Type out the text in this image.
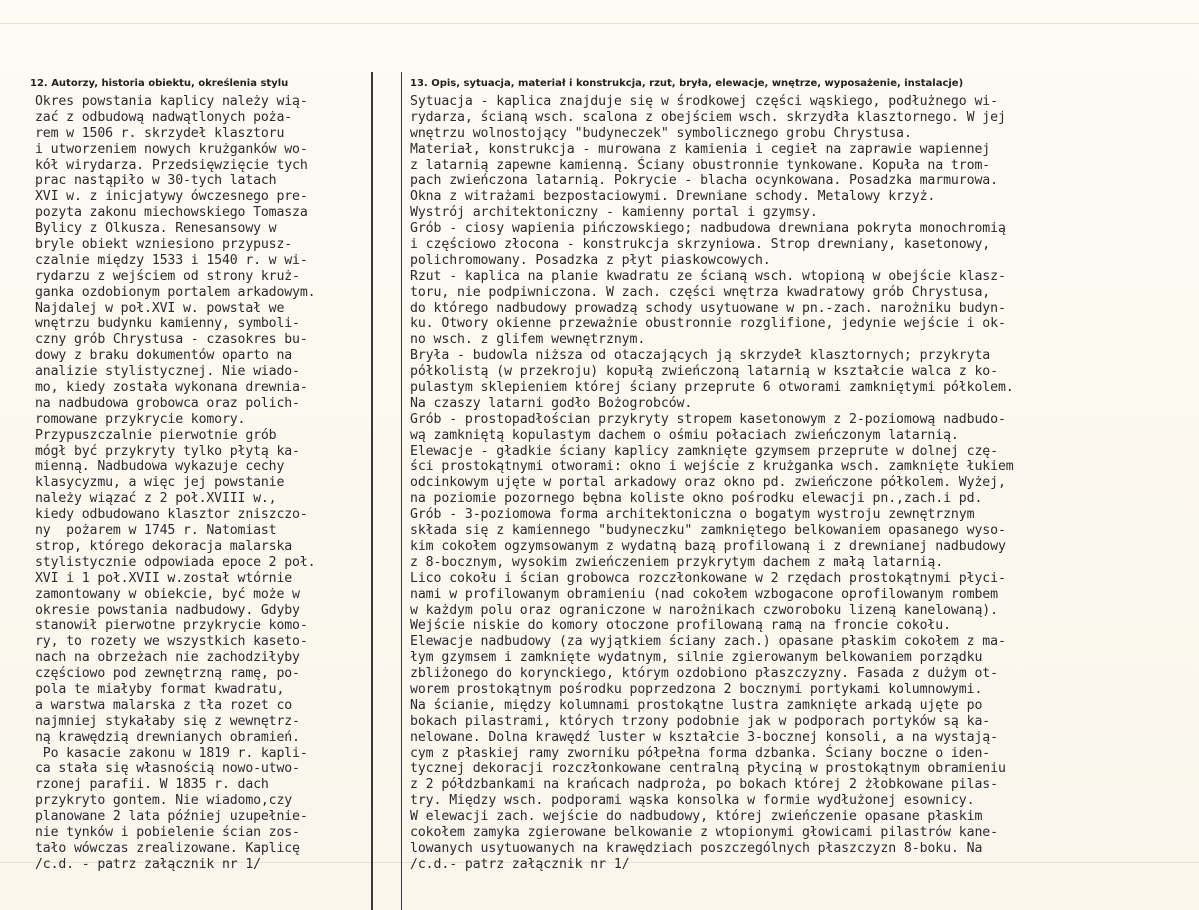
12. Autorzy, historia obiektu, określenia stylu	13. Opis, sytuacja, materiał i konstrukcja, rzut, bryła, elewacje, wnętrze, wyposażenie, instalacje)
Okres powstania kaplicy należy wią-
zać z odbudową nadwątlonych poża-
rem w 1506 r. skrzydeł klasztoru
i utworzeniem nowych krużganków wo-
kół wirydarza. Przedsięwzięcie tych
prac nastąpiło w 30-tych latach
XVI w. z inicjatywy ówczesnego pre-
pozyta zakonu miechowskiego Tomasza
Bylicy z Olkusza. Renesansowy w
bryle obiekt wzniesiono przypusz-
czalnie między 1533 i 1540 r. w wi-
rydarzu z wejściem od strony kruż-
ganka ozdobionym portalem arkadowym.
Najdalej w poł.XVI w. powstał we
wnętrzu budynku kamienny, symboli-
czny grób Chrystusa - czasokres bu-
dowy z braku dokumentów oparto na
analizie stylistycznej. Nie wiado-
mo, kiedy została wykonana drewnia-
na nadbudowa grobowca oraz polich-
romowane przykrycie komory.
Przypuszczalnie pierwotnie grób
mógł być przykryty tylko płytą ka-
mienną. Nadbudowa wykazuje cechy
klasycyzmu, a więc jej powstanie
należy wiązać z 2 poł.XVIII w.,
kiedy odbudowano klasztor zniszczo-
ny  pożarem w 1745 r. Natomiast
strop, którego dekoracja malarska
stylistycznie odpowiada epoce 2 poł.
XVI i 1 poł.XVII w.został wtórnie
zamontowany w obiekcie, być może w
okresie powstania nadbudowy. Gdyby
stanowił pierwotne przykrycie komo-
ry, to rozety we wszystkich kaseto-
nach na obrzeżach nie zachodziłyby
częściowo pod zewnętrzną ramę, po-
pola te miałyby format kwadratu,
a warstwa malarska z tła rozet co
najmniej stykałaby się z wewnętrz-
ną krawędzią drewnianych obramień.
Po kasacie zakonu w 1819 r. kapli-
ca stała się własnością nowo-utwo-
rzonej parafii. W 1835 r. dach
przykryto gontem. Nie wiadomo,czy
planowane 2 lata później uzupełnie-
nie tynków i pobielenie ścian zos-
tało wówczas zrealizowane. Kaplicę
/c.d. - patrz załącznik nr 1/
Sytuacja - kaplica znajduje się w środkowej części wąskiego, podłużnego wi-
rydarza, ścianą wsch. scalona z obejściem wsch. skrzydła klasztornego. W jej
wnętrzu wolnostojący "budyneczek" symbolicznego grobu Chrystusa.
Materiał, konstrukcja - murowana z kamienia i cegieł na zaprawie wapiennej
z latarnią zapewne kamienną. Ściany obustronnie tynkowane. Kopuła na trom-
pach zwieńczona latarnią. Pokrycie - blacha ocynkowana. Posadzka marmurowa.
Okna z witrażami bezpostaciowymi. Drewniane schody. Metalowy krzyż.
Wystrój architektoniczny - kamienny portal i gzymsy.
Grób - ciosy wapienia pińczowskiego; nadbudowa drewniana pokryta monochromią
i częściowo złocona - konstrukcja skrzyniowa. Strop drewniany, kasetonowy,
polichromowany. Posadzka z płyt piaskowcowych.
Rzut - kaplica na planie kwadratu ze ścianą wsch. wtopioną w obejście klasz-
toru, nie podpiwniczona. W zach. części wnętrza kwadratowy grób Chrystusa,
do którego nadbudowy prowadzą schody usytuowane w pn.-zach. narożniku budyn-
ku. Otwory okienne przeważnie obustronnie rozglifione, jedynie wejście i ok-
no wsch. z glifem wewnętrznym.
Bryła - budowla niższa od otaczających ją skrzydeł klasztornych; przykryta
półkolistą (w przekroju) kopułą zwieńczoną latarnią w kształcie walca z ko-
pulastym sklepieniem której ściany przeprute 6 otworami zamkniętymi półkolem.
Na czaszy latarni godło Bożogrobców.
Grób - prostopadłościan przykryty stropem kasetonowym z 2-poziomową nadbudo-
wą zamkniętą kopulastym dachem o ośmiu połaciach zwieńczonym latarnią.
Elewacje - gładkie ściany kaplicy zamknięte gzymsem przeprute w dolnej czę-
ści prostokątnymi otworami: okno i wejście z krużganka wsch. zamknięte łukiem
odcinkowym ujęte w portal arkadowy oraz okno pd. zwieńczone półkolem. Wyżej,
na poziomie pozornego bębna koliste okno pośrodku elewacji pn.,zach.i pd.
Grób - 3-poziomowa forma architektoniczna o bogatym wystroju zewnętrznym
składa się z kamiennego "budyneczku" zamkniętego belkowaniem opasanego wyso-
kim cokołem ogzymsowanym z wydatną bazą profilowaną i z drewnianej nadbudowy
z 8-bocznym, wysokim zwieńczeniem przykrytym dachem z małą latarnią.
Lico cokołu i ścian grobowca rozczłonkowane w 2 rzędach prostokątnymi płyci-
nami w profilowanym obramieniu (nad cokołem wzbogacone oprofilowanym rombem
w każdym polu oraz ograniczone w narożnikach czworoboku lizeną kanelowaną).
Wejście niskie do komory otoczone profilowaną ramą na froncie cokołu.
Elewacje nadbudowy (za wyjątkiem ściany zach.) opasane płaskim cokołem z ma-
łym gzymsem i zamknięte wydatnym, silnie zgierowanym belkowaniem porządku
zbliżonego do korynckiego, którym ozdobiono płaszczyzny. Fasada z dużym ot-
worem prostokątnym pośrodku poprzedzona 2 bocznymi portykami kolumnowymi.
Na ścianie, między kolumnami prostokątne lustra zamknięte arkadą ujęte po
bokach pilastrami, których trzony podobnie jak w podporach portyków są ka-
nelowane. Dolna krawędź luster w kształcie 3-bocznej konsoli, a na wystają-
cym z płaskiej ramy zworniku półpełna forma dzbanka. Ściany boczne o iden-
tycznej dekoracji rozczłonkowane centralną płyciną w prostokątnym obramieniu
z 2 półdzbankami na krańcach nadproża, po bokach której 2 żłobkowane pilas-
try. Między wsch. podporami wąska konsolka w formie wydłużonej esownicy.
W elewacji zach. wejście do nadbudowy, której zwieńczenie opasane płaskim
cokołem zamyka zgierowane belkowanie z wtopionymi głowicami pilastrów kane-
lowanych usytuowanych na krawędziach poszczególnych płaszczyzn 8-boku. Na
/c.d.- patrz załącznik nr 1/
